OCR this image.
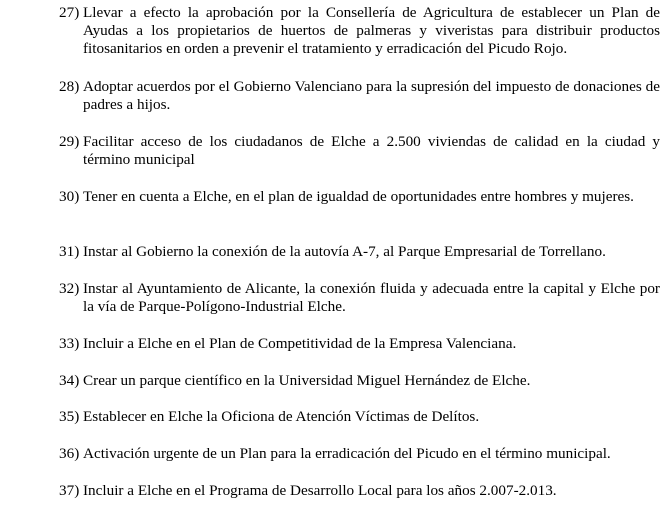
27) Llevar a efecto la aprobación por la Consellería de Agricultura de establecer un Plan de Ayudas a los propietarios de huertos de palmeras y viveristas para distribuir productos fitosanitarios en orden a prevenir el tratamiento y erradicación del Picudo Rojo.
28) Adoptar acuerdos por el Gobierno Valenciano para la supresión del impuesto de donaciones de padres a hijos.
29) Facilitar acceso de los ciudadanos de Elche a 2.500 viviendas de calidad en la ciudad y término municipal
30) Tener en cuenta a Elche, en el plan de igualdad de oportunidades entre hombres y mujeres.
31) Instar al Gobierno la conexión de la autovía A-7, al Parque Empresarial de Torrellano.
32) Instar al Ayuntamiento de Alicante, la conexión fluida y adecuada entre la capital y Elche por la vía de Parque-Polígono-Industrial Elche.
33) Incluir a Elche en el Plan de Competitividad de la Empresa Valenciana.
34) Crear un parque científico en la Universidad Miguel Hernández de Elche.
35) Establecer en Elche la Oficiona de Atención Víctimas de Delítos.
36) Activación urgente de un Plan para la erradicación del Picudo en el término municipal.
37) Incluir a Elche en el Programa de Desarrollo Local para los años 2.007-2.013.
